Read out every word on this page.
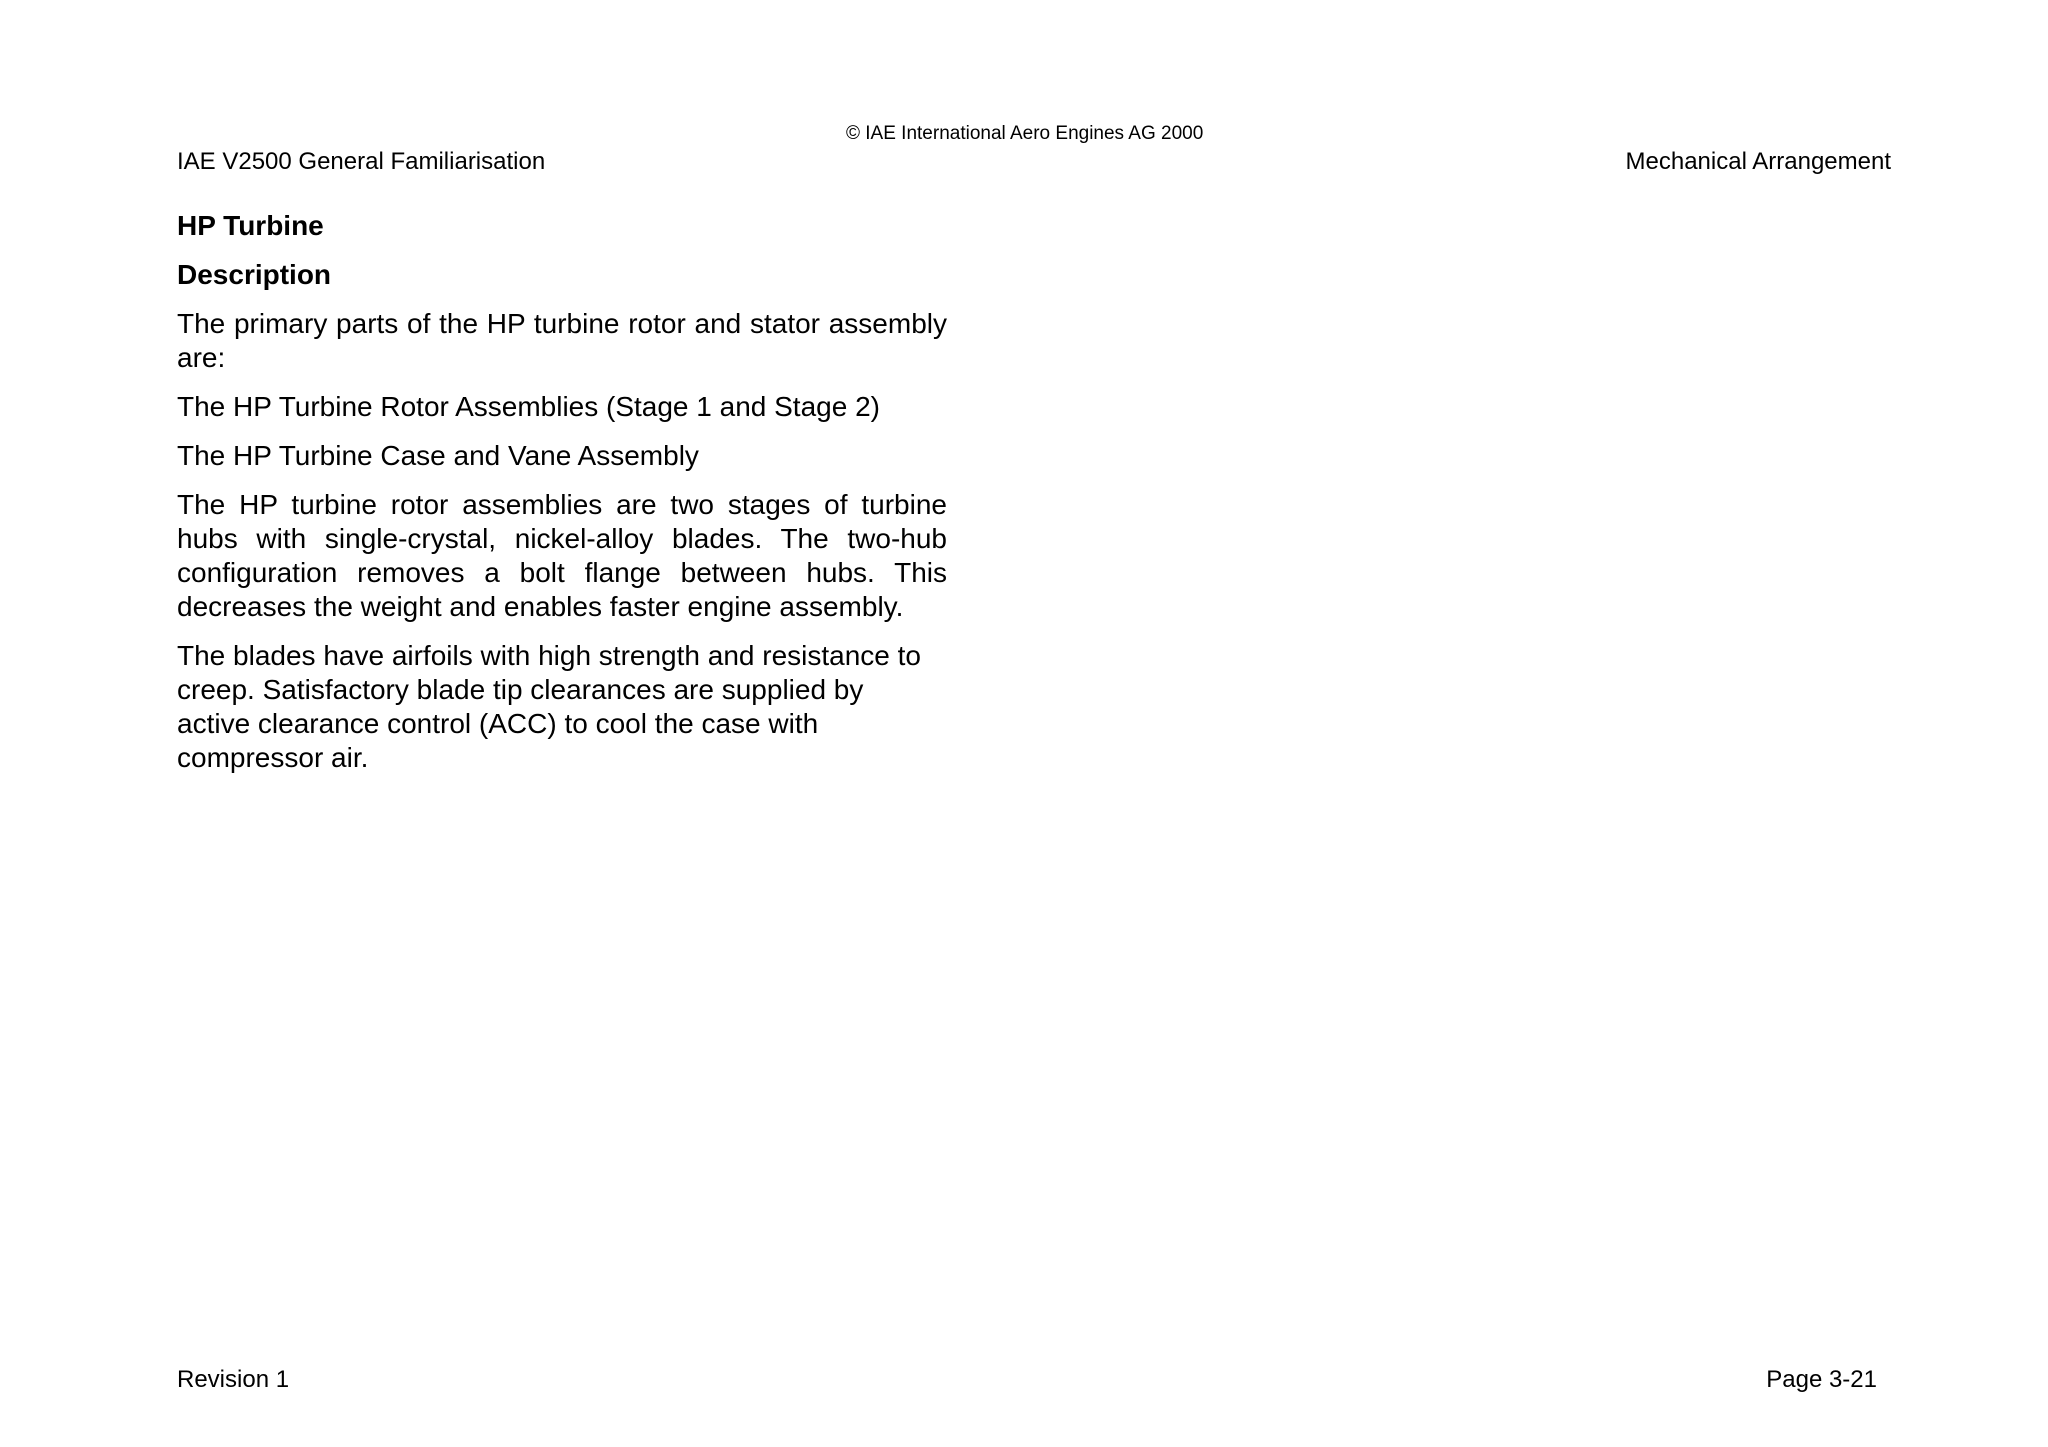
© IAE International Aero Engines AG 2000
IAE V2500 General Familiarisation	Mechanical Arrangement
HP Turbine
Description
The primary parts of the HP turbine rotor and stator assembly are:
The HP Turbine Rotor Assemblies (Stage 1 and Stage 2)
The HP Turbine Case and Vane Assembly
The HP turbine rotor assemblies are two stages of turbine hubs with single-crystal, nickel-alloy blades. The two-hub configuration removes a bolt flange between hubs. This decreases the weight and enables faster engine assembly.
The blades have airfoils with high strength and resistance to creep. Satisfactory blade tip clearances are supplied by active clearance control (ACC) to cool the case with compressor air.
Revision 1	Page 3-21
